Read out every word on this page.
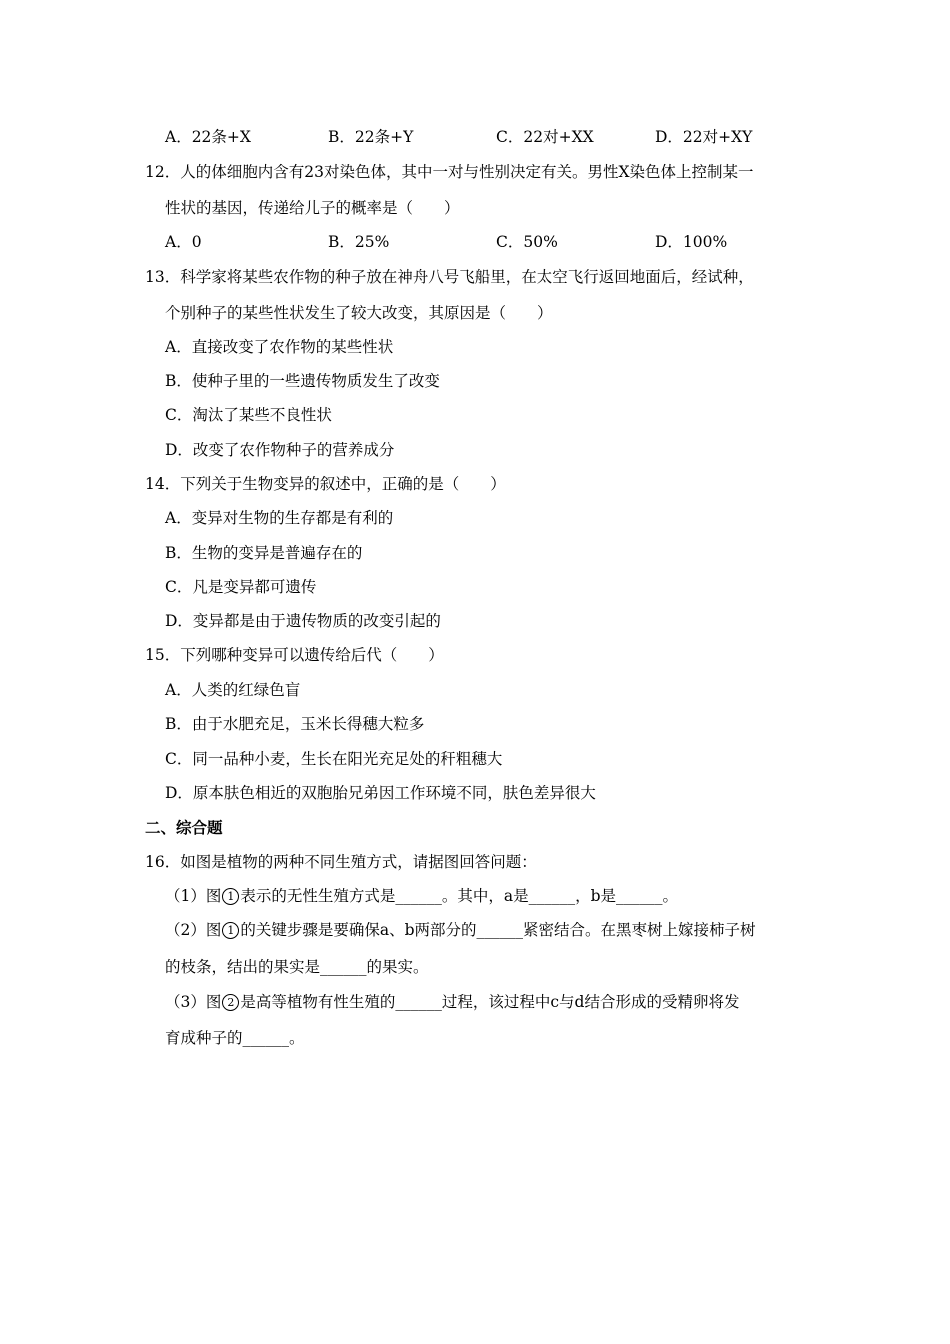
A．22条+X	B．22条+Y	C．22对+XX	D．22对+XY
12．人的体细胞内含有23对染色体，其中一对与性别决定有关。男性X染色体上控制某一
性状的基因，传递给儿子的概率是（　　）
A．0	B．25%	C．50%	D．100%
13．科学家将某些农作物的种子放在神舟八号飞船里，在太空飞行返回地面后，经试种，
个别种子的某些性状发生了较大改变，其原因是（　　）
A．直接改变了农作物的某些性状
B．使种子里的一些遗传物质发生了改变
C．淘汰了某些不良性状
D．改变了农作物种子的营养成分
14．下列关于生物变异的叙述中，正确的是（　　）
A．变异对生物的生存都是有利的
B．生物的变异是普遍存在的
C．凡是变异都可遗传
D．变异都是由于遗传物质的改变引起的
15．下列哪种变异可以遗传给后代（　　）
A．人类的红绿色盲
B．由于水肥充足，玉米长得穗大粒多
C．同一品种小麦，生长在阳光充足处的秆粗穗大
D．原本肤色相近的双胞胎兄弟因工作环境不同，肤色差异很大
二、综合题
16．如图是植物的两种不同生殖方式，请据图回答问题：
（1）图 1 表示的无性生殖方式是______。其中，a是______，b是______。
（2）图 1 的关键步骤是要确保a、b两部分的______紧密结合。在黑枣树上嫁接柿子树
的枝条，结出的果实是______的果实。
（3）图 2 是高等植物有性生殖的______过程，该过程中c与d结合形成的受精卵将发
育成种子的______。
